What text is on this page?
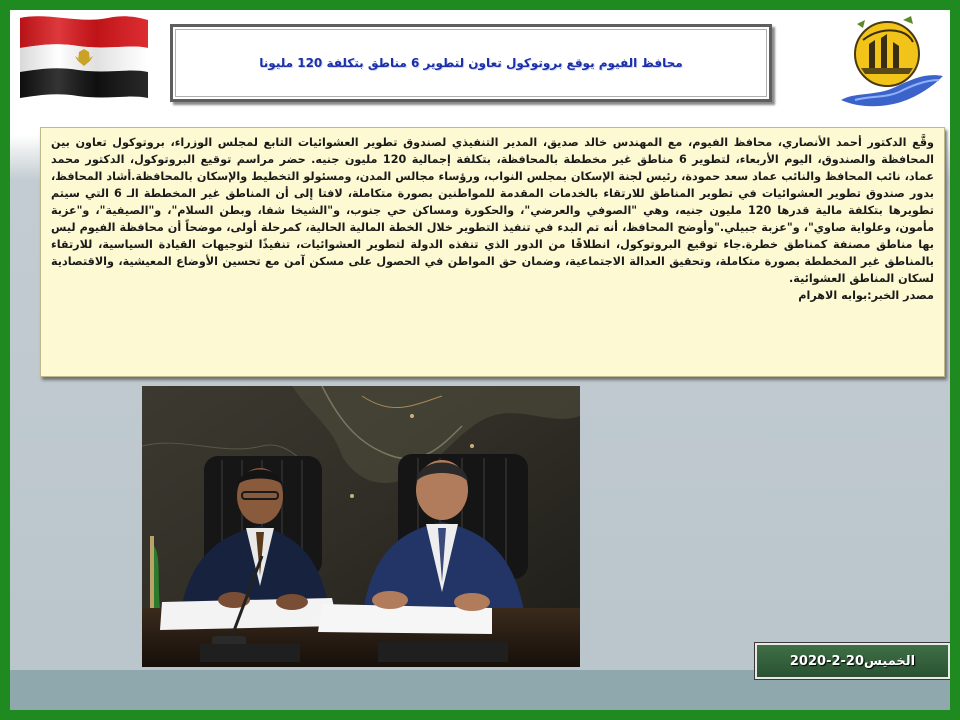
محافظ الفيوم يوقع بروتوكول تعاون لتطوير 6 مناطق بتكلفة 120 مليونا

وقَّع الدكتور أحمد الأنصاري، محافظ الفيوم، مع المهندس خالد صديق، المدير التنفيذي لصندوق تطوير العشوائيات التابع لمجلس الوزراء، بروتوكول تعاون بين المحافظة والصندوق، اليوم الأربعاء، لتطوير 6 مناطق غير مخططة بالمحافظة، بتكلفة إجمالية 120 مليون جنيه. حضر مراسم توقيع البروتوكول، الدكتور محمد عماد، نائب المحافظ والنائب عماد سعد حمودة، رئيس لجنة الإسكان بمجلس النواب، ورؤساء مجالس المدن، ومسئولو التخطيط والإسكان بالمحافظة.أشاد المحافظ، بدور صندوق تطوير العشوائيات في تطوير المناطق للارتقاء بالخدمات المقدمة للمواطنين بصورة متكاملة، لافتا إلى أن المناطق غير المخططة الـ 6 التي سيتم تطويرها بتكلفة مالية قدرها 120 مليون جنيه، وهي "الصوفي والعرضي"، والحكورة ومساكن حي جنوب، و"الشيخا شفا، وبطن السلام"، و"الصيفية"، و"عزبة مأمون، وعلواية صاوي"، و"عزبة جبيلي."وأوضح المحافظ، أنه تم البدء في تنفيذ التطوير خلال الخطة المالية الحالية، كمرحلة أولى، موضحاً أن محافظة الفيوم ليس بها مناطق مصنفة كمناطق خطرة.جاء توقيع البروتوكول، انطلاقًا من الدور الذي تنفذه الدولة لتطوير العشوائيات، تنفيذًا لتوجيهات القيادة السياسية، للارتقاء بالمناطق غير المخططة بصورة متكاملة، وتحقيق العدالة الاجتماعية، وضمان حق المواطن في الحصول على مسكن آمن مع تحسين الأوضاع المعيشية، والاقتصادية لسكان المناطق العشوائية.

مصدر الخبر:بوابه الاهرام

الخميس20-2-2020
